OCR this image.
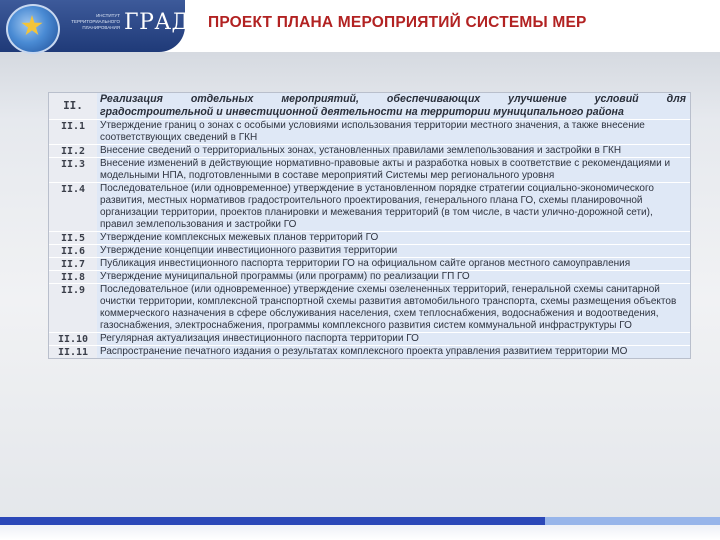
ИНСТИТУТ
ТЕРРИТОРИАЛЬНОГО
ПЛАНИРОВАНИЯ ГРАД ПРОЕКТ ПЛАНА МЕРОПРИЯТИЙ СИСТЕМЫ МЕР
II.	Реализация отдельных мероприятий, обеспечивающих улучшение условий для
градостроительной и инвестиционной деятельности на территории муниципального района

II.1	Утверждение границ о зонах с особыми условиями использования территории местного значения, а также внесение соответствующих сведений в ГКН
II.2	Внесение сведений о территориальных зонах, установленных правилами землепользования и застройки в ГКН
II.3	Внесение изменений в действующие нормативно-правовые акты и разработка новых в соответствие с рекомендациями и модельными НПА, подготовленными в составе мероприятий Системы мер регионального уровня
II.4	Последовательное (или одновременное) утверждение в установленном порядке стратегии социально-экономического развития, местных нормативов градостроительного проектирования, генерального плана ГО, схемы планировочной организации территории, проектов планировки и межевания территорий (в том числе, в части улично-дорожной сети), правил землепользования и застройки ГО
II.5	Утверждение комплексных межевых планов территорий ГО
II.6	Утверждение концепции инвестиционного развития территории
II.7	Публикация инвестиционного паспорта территории ГО на официальном сайте органов местного самоуправления
II.8	Утверждение муниципальной программы (или программ) по реализации ГП ГО
II.9	Последовательное (или одновременное) утверждение схемы озелененных территорий, генеральной схемы санитарной очистки территории, комплексной транспортной схемы развития автомобильного транспорта, схемы размещения объектов коммерческого назначения в сфере обслуживания населения, схем теплоснабжения, водоснабжения и водоотведения, газоснабжения, электроснабжения, программы комплексного развития систем коммунальной инфраструктуры ГО
II.10	Регулярная актуализация инвестиционного паспорта территории ГО
II.11	Распространение печатного издания о результатах комплексного проекта управления развитием территории МО
